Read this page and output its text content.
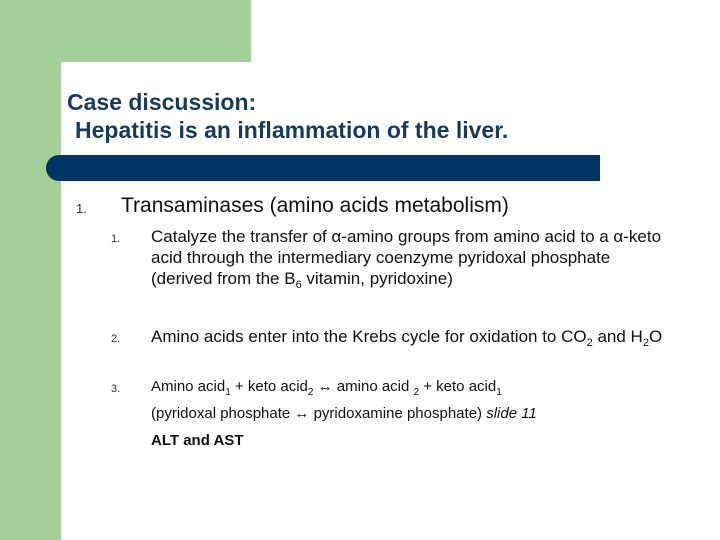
Case discussion:
Hepatitis is an inflammation of the liver.
1. Transaminases (amino acids metabolism)
1. Catalyze the transfer of α-amino groups from amino acid to a α-keto acid through the intermediary coenzyme pyridoxal phosphate (derived from the $B_6$ vitamin, pyridoxine)
2. Amino acids enter into the Krebs cycle for oxidation to $CO_2$ and $H_2O$
3. Amino acid$_1$ + keto acid$_2$ ↔ amino acid $_2$ + keto acid$_1$
(pyridoxal phosphate ↔ pyridoxamine phosphate) slide 11
ALT and AST
